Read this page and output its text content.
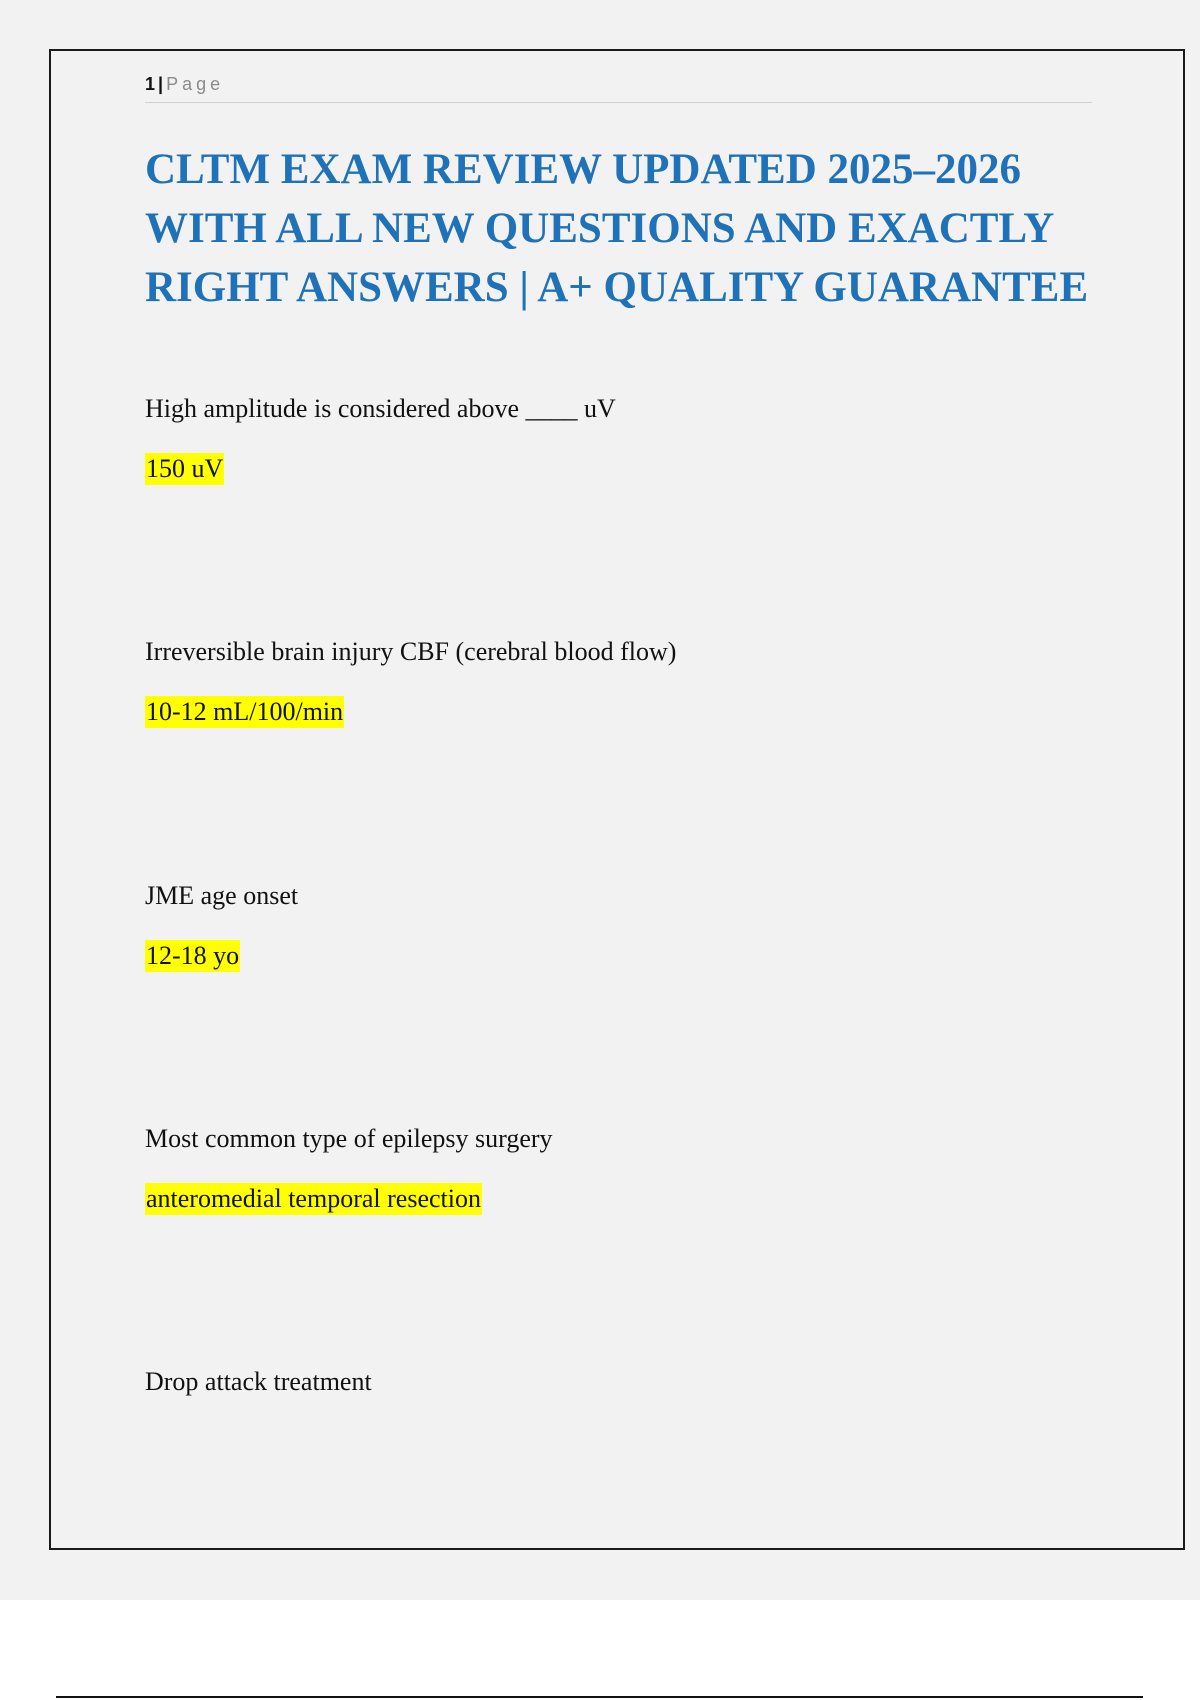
1 | Page
CLTM EXAM REVIEW UPDATED 2025–2026 WITH ALL NEW QUESTIONS AND EXACTLY RIGHT ANSWERS | A+ QUALITY GUARANTEE
High amplitude is considered above ____ uV
150 uV
Irreversible brain injury CBF (cerebral blood flow)
10-12 mL/100/min
JME age onset
12-18 yo
Most common type of epilepsy surgery
anteromedial temporal resection
Drop attack treatment
